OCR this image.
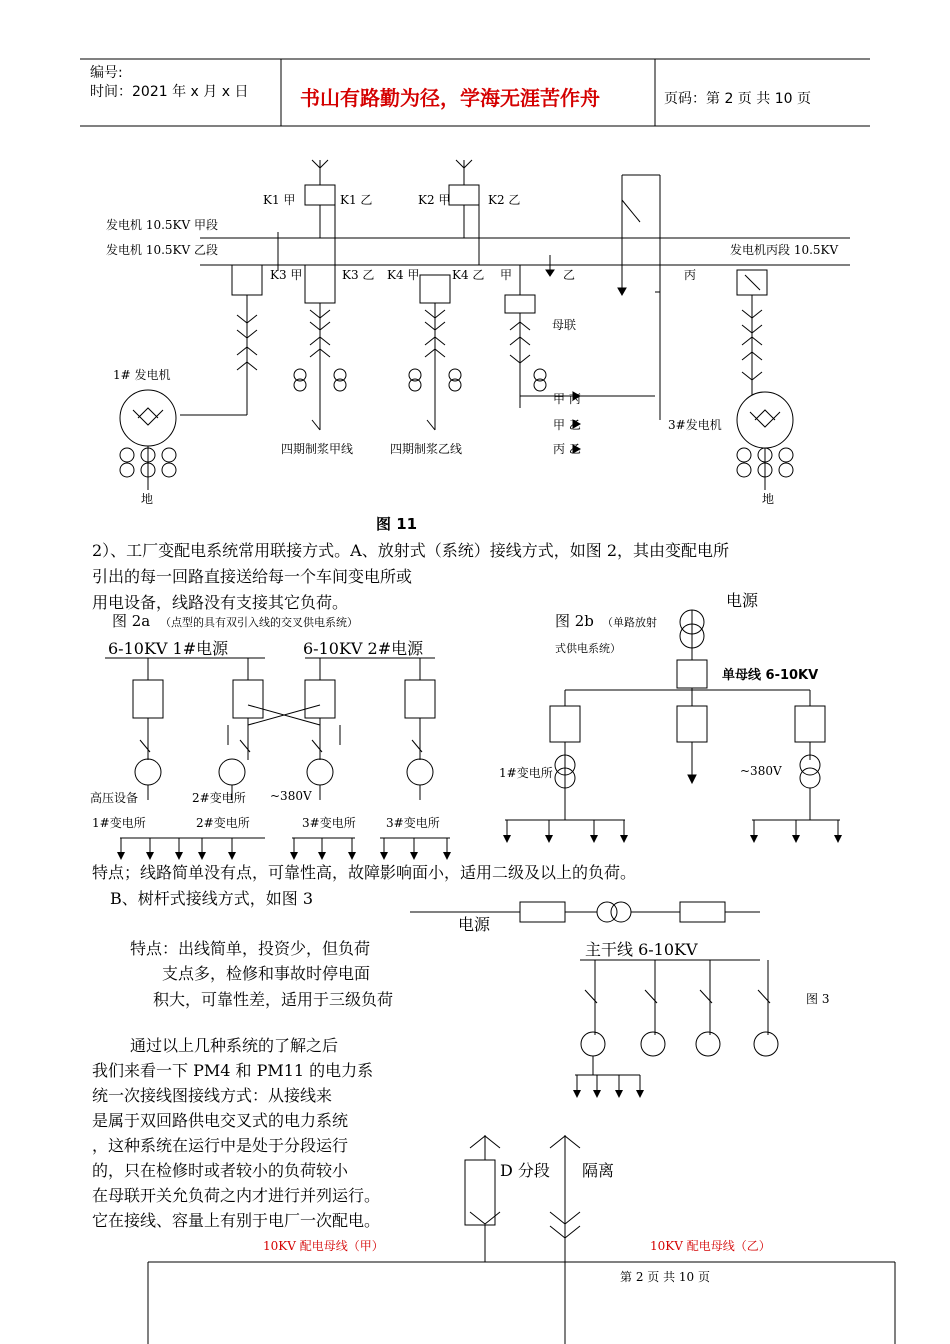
编号:
时间：2021 年 x 月 x 日	书山有路勤为径，学海无涯苦作舟	页码：第 2 页 共 10 页
K1 甲	K1 乙	K2 甲	K2 乙
发电机 10.5KV 甲段
发电机 10.5KV 乙段	发电机丙段 10.5KV
K3 甲	K3 乙 K4 甲	K4 乙 甲	乙	丙
母联
1# 发电机
3#发电机
四期制浆甲线	四期制浆乙线
甲 丙
甲 乙
丙 乙
地	地
图 11
2）、工厂变配电系统常用联接方式。A、放射式（系统）接线方式，如图 2，其由变配电所
引出的每一回路直接送给每一个车间变电所或
用电设备，线路没有支接其它负荷。
图 2a （点型的具有双引入线的交叉供电系统）
6-10KV 1#电源	6-10KV 2#电源
高压设备	2#变电所 ~380V
1#变电所	2#变电所	3#变电所	3#变电所
电源
图 2b （单路放射
式供电系统）
单母线 6-10KV
1#变电所	~380V
特点；线路简单没有点，可靠性高，故障影响面小，适用二级及以上的负荷。
B、树杆式接线方式，如图 3
电源
主干线 6-10KV
图 3
特点：出线简单，投资少，但负荷
支点多，检修和事故时停电面
积大，可靠性差，适用于三级负荷
通过以上几种系统的了解之后
我们来看一下 PM4 和 PM11 的电力系
统一次接线图接线方式：从接线来
是属于双回路供电交叉式的电力系统
，这种系统在运行中是处于分段运行
的，只在检修时或者较小的负荷较小
在母联开关允负荷之内才进行并列运行。
它在接线、容量上有别于电厂一次配电。
D 分段 隔离
10KV 配电母线（甲）	10KV 配电母线（乙）
第 2 页 共 10 页
